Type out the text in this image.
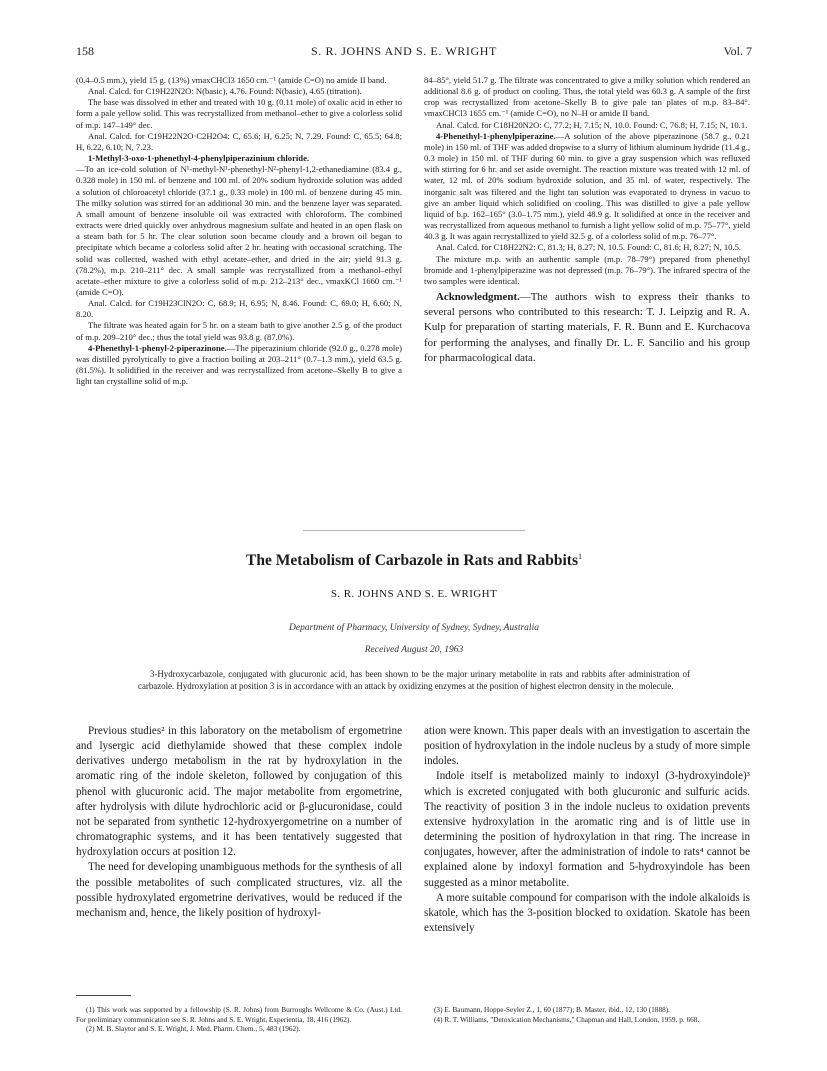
158	S. R. JOHNS AND S. E. WRIGHT	Vol. 7

(0.4–0.5 mm.), yield 15 g. (13%) νmaxCHCl3 1650 cm.⁻¹ (amide C=O) no amide II band.

Anal. Calcd. for C19H22N2O: N(basic), 4.76. Found: N(basic), 4.65 (titration).

The base was dissolved in ether and treated with 10 g. (0.11 mole) of oxalic acid in ether to form a pale yellow solid. This was recrystallized from methanol–ether to give a colorless solid of m.p. 147–149° dec.

Anal. Calcd. for C19H22N2O·C2H2O4: C, 65.6; H, 6.25; N, 7.29. Found: C, 65.5; 64.8; H, 6.22, 6.10; N, 7.23.

1-Methyl-3-oxo-1-phenethyl-4-phenylpiperazinium chloride.

—To an ice-cold solution of N¹-methyl-N¹-phenethyl-N²-phenyl-1,2-ethanediamine (83.4 g., 0.328 mole) in 150 ml. of benzene and 100 ml. of 20% sodium hydroxide solution was added a solution of chloroacetyl chloride (37.1 g., 0.33 mole) in 100 ml. of benzene during 45 min. The milky solution was stirred for an additional 30 min. and the benzene layer was separated. A small amount of benzene insoluble oil was extracted with chloroform. The combined extracts were dried quickly over anhydrous magnesium sulfate and heated in an open flask on a steam bath for 5 hr. The clear solution soon became cloudy and a brown oil began to precipitate which became a colorless solid after 2 hr. heating with occasional scratching. The solid was collected, washed with ethyl acetate–ether, and dried in the air; yield 91.3 g. (78.2%), m.p. 210–211° dec. A small sample was recrystallized from a methanol–ethyl acetate–ether mixture to give a colorless solid of m.p. 212–213° dec., νmaxKCl 1660 cm.⁻¹ (amide C=O).

Anal. Calcd. for C19H23ClN2O: C, 68.9; H, 6.95; N, 8.46. Found: C, 69.0; H, 6.60; N, 8.20.

The filtrate was heated again for 5 hr. on a steam bath to give another 2.5 g. of the product of m.p. 209–210° dec.; thus the total yield was 93.8 g. (87.0%).

4-Phenethyl-1-phenyl-2-piperazinone.—The piperazinium chloride (92.0 g., 0.278 mole) was distilled pyrolytically to give a fraction boiling at 203–211° (0.7–1.3 mm.), yield 63.5 g. (81.5%). It solidified in the receiver and was recrystallized from acetone–Skelly B to give a light tan crystalline solid of m.p.

84–85°, yield 51.7 g. The filtrate was concentrated to give a milky solution which rendered an additional 8.6 g. of product on cooling. Thus, the total yield was 60.3 g. A sample of the first crop was recrystallized from acetone–Skelly B to give pale tan plates of m.p. 83–84°. νmaxCHCl3 1655 cm.⁻¹ (amide C=O), no N–H or amide II band.

Anal. Calcd. for C18H20N2O: C, 77.2; H, 7.15; N, 10.0. Found: C, 76.8; H, 7.15; N, 10.1.

4-Phenethyl-1-phenylpiperazine.—A solution of the above piperazinone (58.7 g., 0.21 mole) in 150 ml. of THF was added dropwise to a slurry of lithium aluminum hydride (11.4 g., 0.3 mole) in 150 ml. of THF during 60 min. to give a gray suspension which was refluxed with stirring for 6 hr. and set aside overnight. The reaction mixture was treated with 12 ml. of water, 12 ml. of 20% sodium hydroxide solution, and 35 ml. of water, respectively. The inorganic salt was filtered and the light tan solution was evaporated to dryness in vacuo to give an amber liquid which solidified on cooling. This was distilled to give a pale yellow liquid of b.p. 162–165° (3.0–1.75 mm.), yield 48.9 g. It solidified at once in the receiver and was recrystallized from aqueous methanol to furnish a light yellow solid of m.p. 75–77°, yield 40.3 g. It was again recrystallized to yield 32.5 g. of a colorless solid of m.p. 76–77°.

Anal. Calcd. for C18H22N2: C, 81.3; H, 8.27; N, 10.5. Found: C, 81.6; H, 8.27; N, 10.5.

The mixture m.p. with an authentic sample (m.p. 78–79°) prepared from phenethyl bromide and 1-phenylpiperazine was not depressed (m.p. 76–79°). The infrared spectra of the two samples were identical.

Acknowledgment.—The authors wish to express their thanks to several persons who contributed to this research: T. J. Leipzig and R. A. Kulp for preparation of starting materials, F. R. Bunn and E. Kurchacova for performing the analyses, and finally Dr. L. F. Sancilio and his group for pharmacological data.

The Metabolism of Carbazole in Rats and Rabbits$^1$
S. R. JOHNS AND S. E. WRIGHT
Department of Pharmacy, University of Sydney, Sydney, Australia
Received August 20, 1963
3-Hydroxycarbazole, conjugated with glucuronic acid, has been shown to be the major urinary metabolite in rats and rabbits after administration of carbazole. Hydroxylation at position 3 is in accordance with an attack by oxidizing enzymes at the position of highest electron density in the molecule.

Previous studies² in this laboratory on the metabolism of ergometrine and lysergic acid diethylamide showed that these complex indole derivatives undergo metabolism in the rat by hydroxylation in the aromatic ring of the indole skeleton, followed by conjugation of this phenol with glucuronic acid. The major metabolite from ergometrine, after hydrolysis with dilute hydrochloric acid or β-glucuronidase, could not be separated from synthetic 12-hydroxyergometrine on a number of chromatographic systems, and it has been tentatively suggested that hydroxylation occurs at position 12.

The need for developing unambiguous methods for the synthesis of all the possible metabolites of such complicated structures, viz. all the possible hydroxylated ergometrine derivatives, would be reduced if the mechanism and, hence, the likely position of hydroxyl-

ation were known. This paper deals with an investigation to ascertain the position of hydroxylation in the indole nucleus by a study of more simple indoles.

Indole itself is metabolized mainly to indoxyl (3-hydroxyindole)³ which is excreted conjugated with both glucuronic and sulfuric acids. The reactivity of position 3 in the indole nucleus to oxidation prevents extensive hydroxylation in the aromatic ring and is of little use in determining the position of hydroxylation in that ring. The increase in conjugates, however, after the administration of indole to rats⁴ cannot be explained alone by indoxyl formation and 5-hydroxyindole has been suggested as a minor metabolite.

A more suitable compound for comparison with the indole alkaloids is skatole, which has the 3-position blocked to oxidation. Skatole has been extensively

(1) This work was supported by a fellowship (S. R. Johns) from Burroughs Wellcome & Co. (Aust.) Ltd. For preliminary communication see S. R. Johns and S. E. Wright, Experientia, 18, 416 (1962).

(2) M. B. Slaytor and S. E. Wright, J. Med. Pharm. Chem., 5, 483 (1962).

(3) E. Baumann, Hoppe-Seyler Z., 1, 60 (1877); B. Master, ibid., 12, 130 (1888).

(4) R. T. Williams, "Detoxication Mechanisms," Chapman and Hall, London, 1959, p. 668.
